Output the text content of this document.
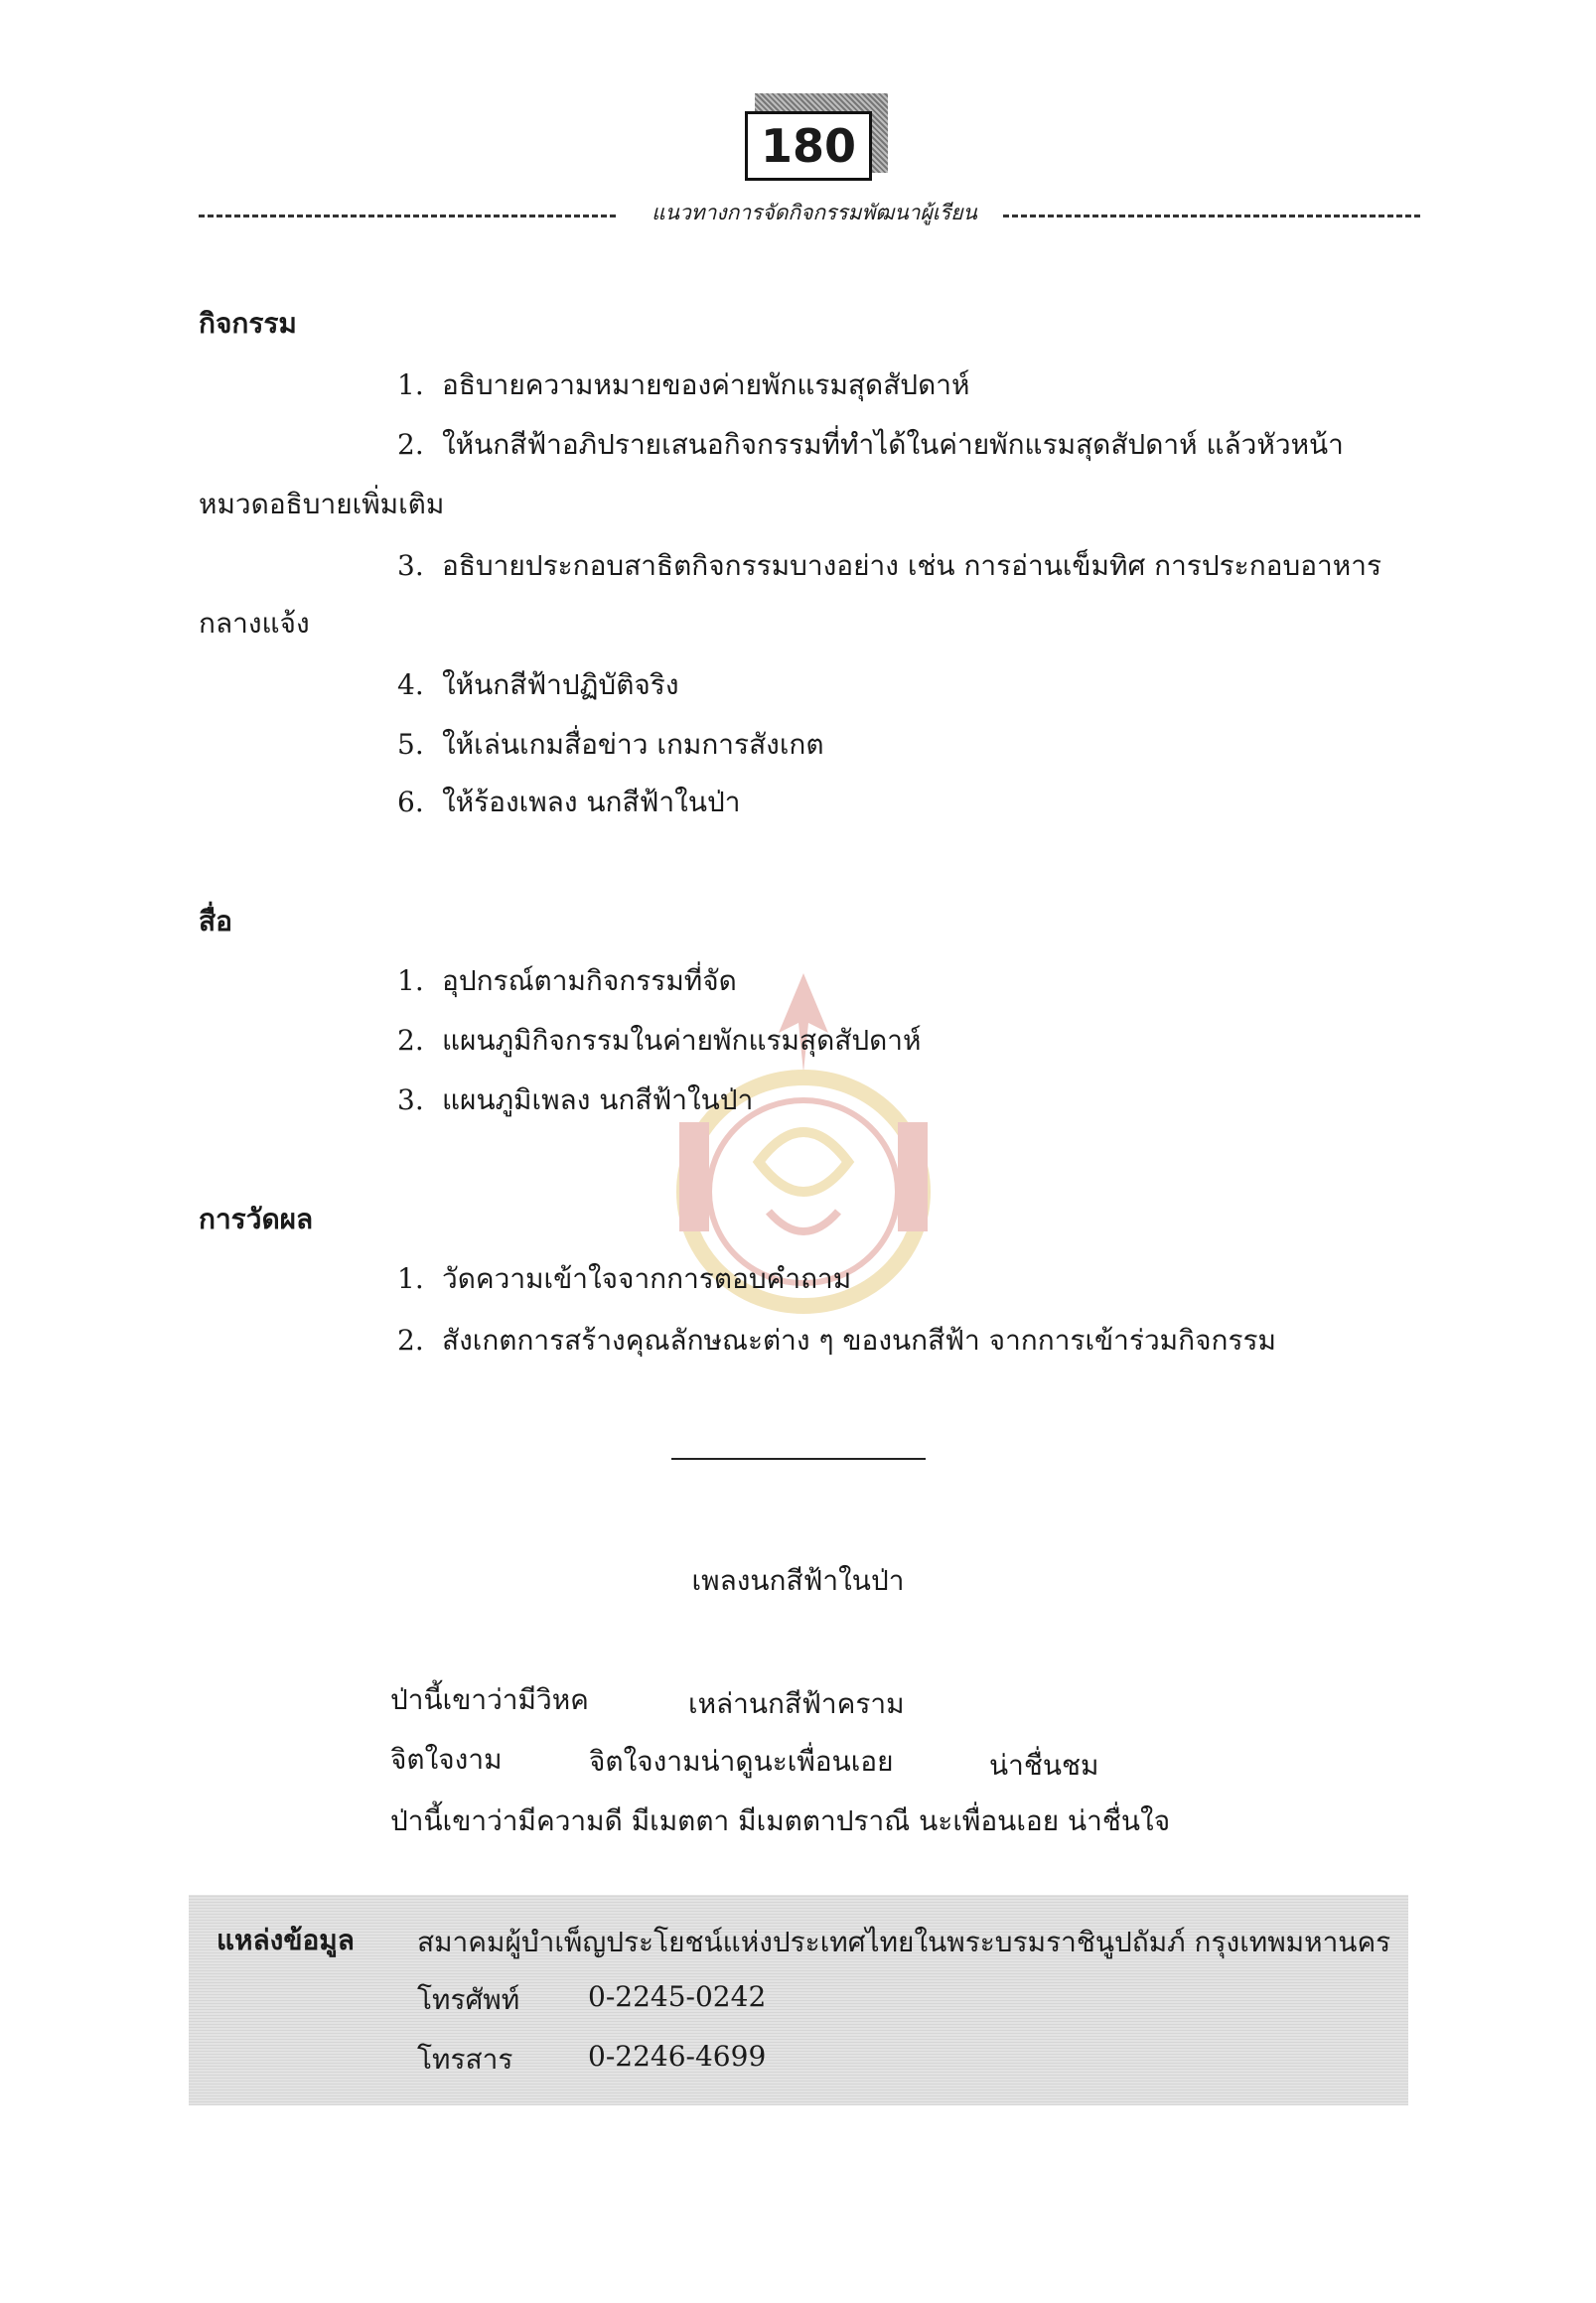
180
แนวทางการจัดกิจกรรมพัฒนาผู้เรียน
กิจกรรม
1. อธิบายความหมายของค่ายพักแรมสุดสัปดาห์
2. ให้นกสีฟ้าอภิปรายเสนอกิจกรรมที่ทำได้ในค่ายพักแรมสุดสัปดาห์ แล้วหัวหน้า
หมวดอธิบายเพิ่มเติม
3. อธิบายประกอบสาธิตกิจกรรมบางอย่าง เช่น การอ่านเข็มทิศ การประกอบอาหาร
กลางแจ้ง
4. ให้นกสีฟ้าปฏิบัติจริง
5. ให้เล่นเกมสื่อข่าว เกมการสังเกต
6. ให้ร้องเพลง นกสีฟ้าในป่า
สื่อ
1. อุปกรณ์ตามกิจกรรมที่จัด
2. แผนภูมิกิจกรรมในค่ายพักแรมสุดสัปดาห์
3. แผนภูมิเพลง นกสีฟ้าในป่า
การวัดผล
1. วัดความเข้าใจจากการตอบคำถาม
2. สังเกตการสร้างคุณลักษณะต่าง ๆ ของนกสีฟ้า จากการเข้าร่วมกิจกรรม
เพลงนกสีฟ้าในป่า
ป่านี้เขาว่ามีวิหค	เหล่านกสีฟ้าคราม
จิตใจงาม	จิตใจงามน่าดูนะเพื่อนเอย	น่าชื่นชม
ป่านี้เขาว่ามีความดี มีเมตตา มีเมตตาปราณี นะเพื่อนเอย น่าชื่นใจ
แหล่งข้อมูล สมาคมผู้บำเพ็ญประโยชน์แห่งประเทศไทยในพระบรมราชินูปถัมภ์ กรุงเทพมหานคร
โทรศัพท์ 0-2245-0242
โทรสาร	0-2246-4699
